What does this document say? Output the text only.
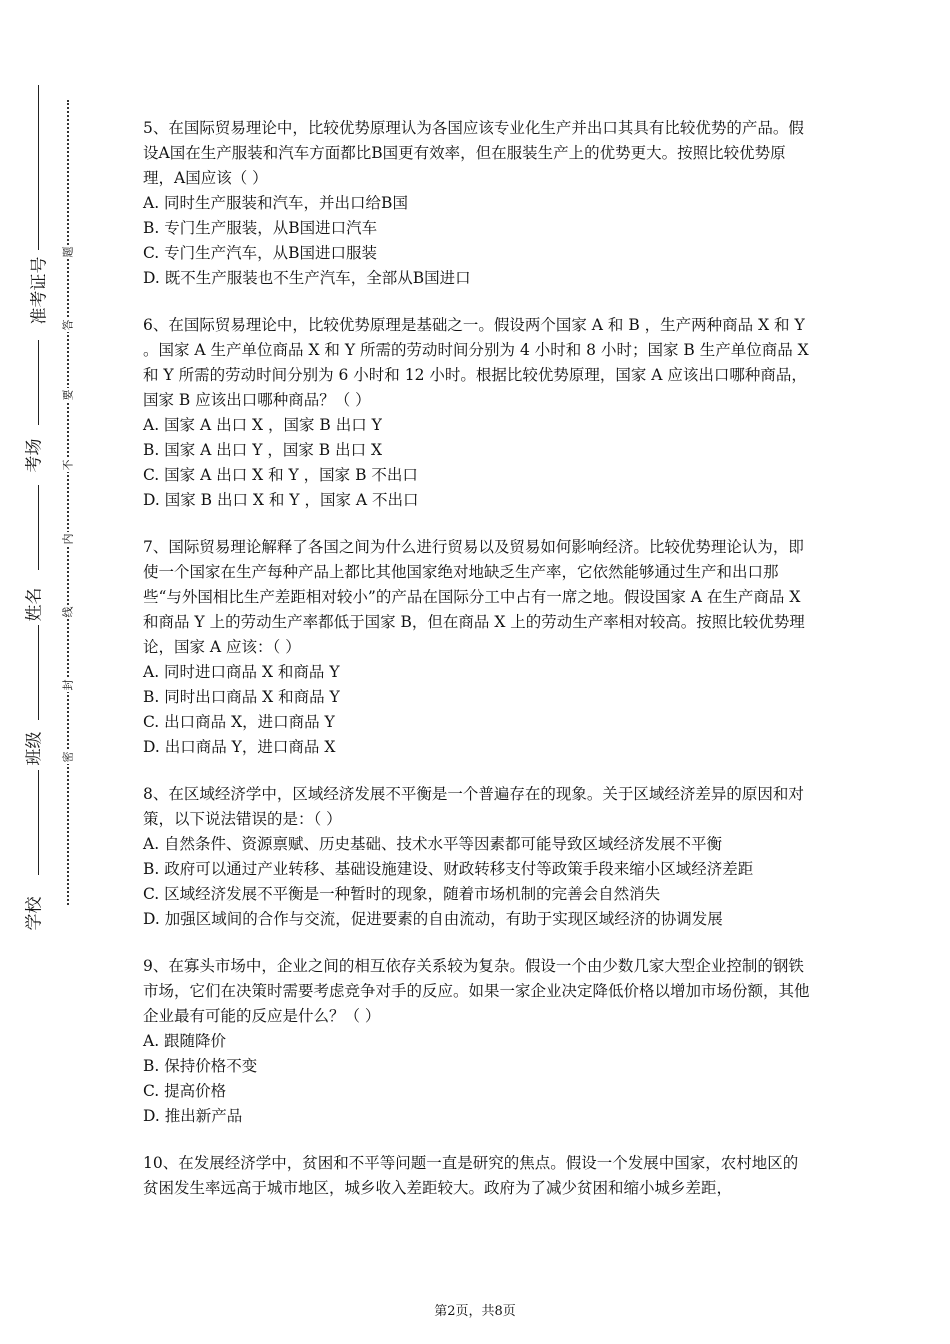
准考证号
考场
姓名
班级
学校
题
答
要
不
内
线
封
密

5、在国际贸易理论中，比较优势原理认为各国应该专业化生产并出口其具有比较优势的产品。假设A国在生产服装和汽车方面都比B国更有效率，但在服装生产上的优势更大。按照比较优势原理，A国应该（ ）

A. 同时生产服装和汽车，并出口给B国

B. 专门生产服装，从B国进口汽车

C. 专门生产汽车，从B国进口服装

D. 既不生产服装也不生产汽车，全部从B国进口

6、在国际贸易理论中，比较优势原理是基础之一。假设两个国家 A 和 B ，生产两种商品 X 和 Y 。国家 A 生产单位商品 X 和 Y 所需的劳动时间分别为 4 小时和 8 小时；国家 B 生产单位商品 X 和 Y 所需的劳动时间分别为 6 小时和 12 小时。根据比较优势原理，国家 A 应该出口哪种商品，国家 B 应该出口哪种商品？（ ）

A. 国家 A 出口 X ，国家 B 出口 Y

B. 国家 A 出口 Y ，国家 B 出口 X

C. 国家 A 出口 X 和 Y ，国家 B 不出口

D. 国家 B 出口 X 和 Y ，国家 A 不出口

7、国际贸易理论解释了各国之间为什么进行贸易以及贸易如何影响经济。比较优势理论认为，即使一个国家在生产每种产品上都比其他国家绝对地缺乏生产率，它依然能够通过生产和出口那些“与外国相比生产差距相对较小”的产品在国际分工中占有一席之地。假设国家 A 在生产商品 X 和商品 Y 上的劳动生产率都低于国家 B，但在商品 X 上的劳动生产率相对较高。按照比较优势理论，国家 A 应该：（ ）

A. 同时进口商品 X 和商品 Y

B. 同时出口商品 X 和商品 Y

C. 出口商品 X，进口商品 Y

D. 出口商品 Y，进口商品 X

8、在区域经济学中，区域经济发展不平衡是一个普遍存在的现象。关于区域经济差异的原因和对策，以下说法错误的是：（ ）

A. 自然条件、资源禀赋、历史基础、技术水平等因素都可能导致区域经济发展不平衡

B. 政府可以通过产业转移、基础设施建设、财政转移支付等政策手段来缩小区域经济差距

C. 区域经济发展不平衡是一种暂时的现象，随着市场机制的完善会自然消失

D. 加强区域间的合作与交流，促进要素的自由流动，有助于实现区域经济的协调发展

9、在寡头市场中，企业之间的相互依存关系较为复杂。假设一个由少数几家大型企业控制的钢铁市场，它们在决策时需要考虑竞争对手的反应。如果一家企业决定降低价格以增加市场份额，其他企业最有可能的反应是什么？（ ）

A. 跟随降价

B. 保持价格不变

C. 提高价格

D. 推出新产品

10、在发展经济学中，贫困和不平等问题一直是研究的焦点。假设一个发展中国家，农村地区的贫困发生率远高于城市地区，城乡收入差距较大。政府为了减少贫困和缩小城乡差距，

第2页，共8页
